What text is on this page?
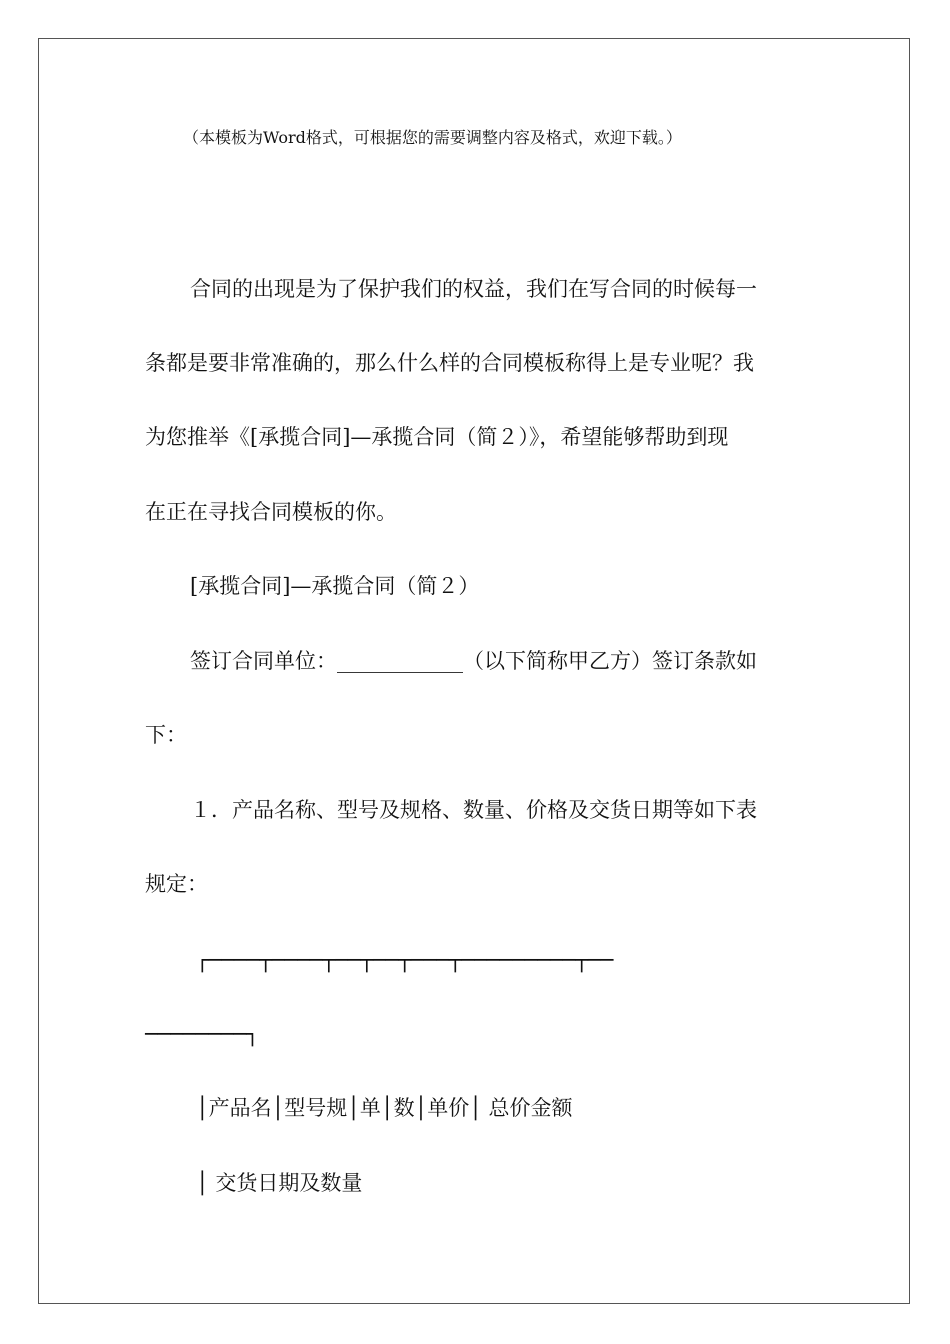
（本模板为Word格式，可根据您的需要调整内容及格式，欢迎下载。）
合同的出现是为了保护我们的权益，我们在写合同的时候每一
条都是要非常准确的，那么什么样的合同模板称得上是专业呢？我
为您推举《[承揽合同]—承揽合同（简２）》，希望能够帮助到现
在正在寻找合同模板的你。
[承揽合同]—承揽合同（简２）
签订合同单位：____________（以下简称甲乙方）签订条款如
下：
１．产品名称、型号及规格、数量、价格及交货日期等如下表
规定：
┌────┬────┬──┬──┬───┬─────────┬──
────────┐
│产品名│型号规│单│数│单价│ 总价金额
│ 交货日期及数量
